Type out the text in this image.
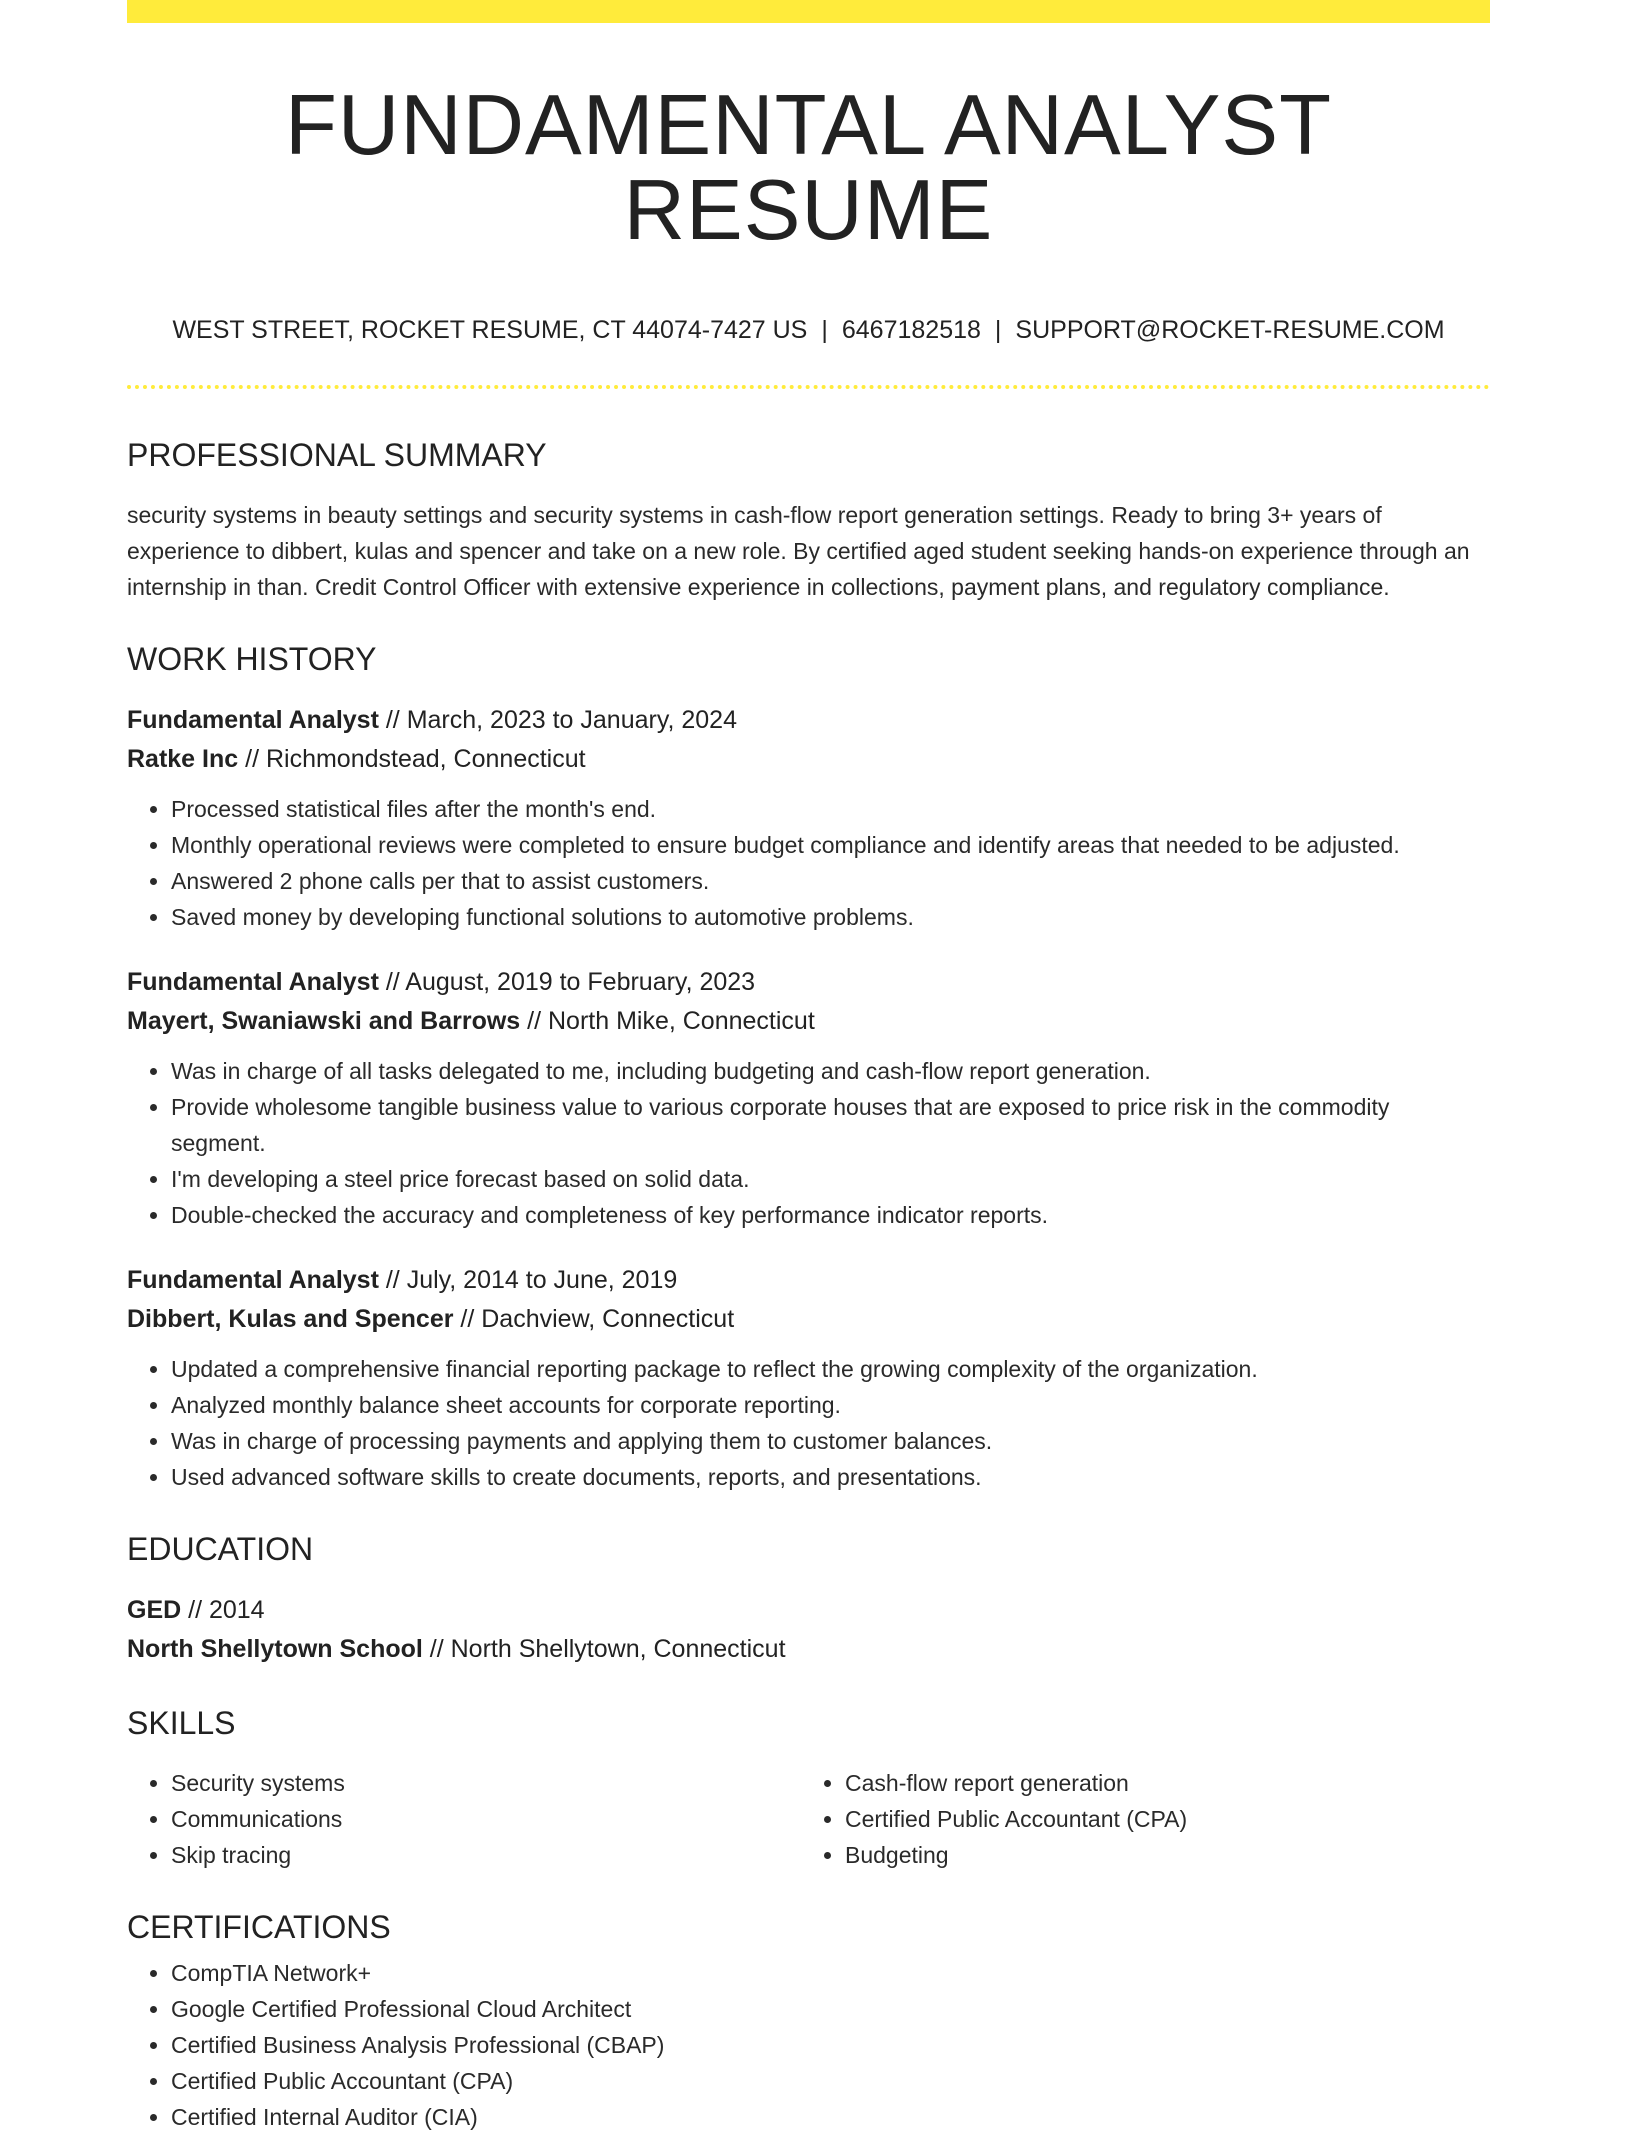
FUNDAMENTAL ANALYST RESUME
WEST STREET, ROCKET RESUME, CT 44074-7427 US | 6467182518 | SUPPORT@ROCKET-RESUME.COM
PROFESSIONAL SUMMARY

security systems in beauty settings and security systems in cash-flow report generation settings. Ready to bring 3+ years of experience to dibbert, kulas and spencer and take on a new role. By certified aged student seeking hands-on experience through an internship in than. Credit Control Officer with extensive experience in collections, payment plans, and regulatory compliance.

WORK HISTORY
Fundamental Analyst // March, 2023 to January, 2024
Ratke Inc // Richmondstead, Connecticut
• Processed statistical files after the month's end.
• Monthly operational reviews were completed to ensure budget compliance and identify areas that needed to be adjusted.
• Answered 2 phone calls per that to assist customers.
• Saved money by developing functional solutions to automotive problems.
Fundamental Analyst // August, 2019 to February, 2023
Mayert, Swaniawski and Barrows // North Mike, Connecticut
• Was in charge of all tasks delegated to me, including budgeting and cash-flow report generation.
• Provide wholesome tangible business value to various corporate houses that are exposed to price risk in the commodity segment.
• I'm developing a steel price forecast based on solid data.
• Double-checked the accuracy and completeness of key performance indicator reports.
Fundamental Analyst // July, 2014 to June, 2019
Dibbert, Kulas and Spencer // Dachview, Connecticut
• Updated a comprehensive financial reporting package to reflect the growing complexity of the organization.
• Analyzed monthly balance sheet accounts for corporate reporting.
• Was in charge of processing payments and applying them to customer balances.
• Used advanced software skills to create documents, reports, and presentations.
EDUCATION
GED // 2014
North Shellytown School // North Shellytown, Connecticut
SKILLS
• Security systems
• Communications
• Skip tracing
• Cash-flow report generation
• Certified Public Accountant (CPA)
• Budgeting
CERTIFICATIONS
• CompTIA Network+
• Google Certified Professional Cloud Architect
• Certified Business Analysis Professional (CBAP)
• Certified Public Accountant (CPA)
• Certified Internal Auditor (CIA)
